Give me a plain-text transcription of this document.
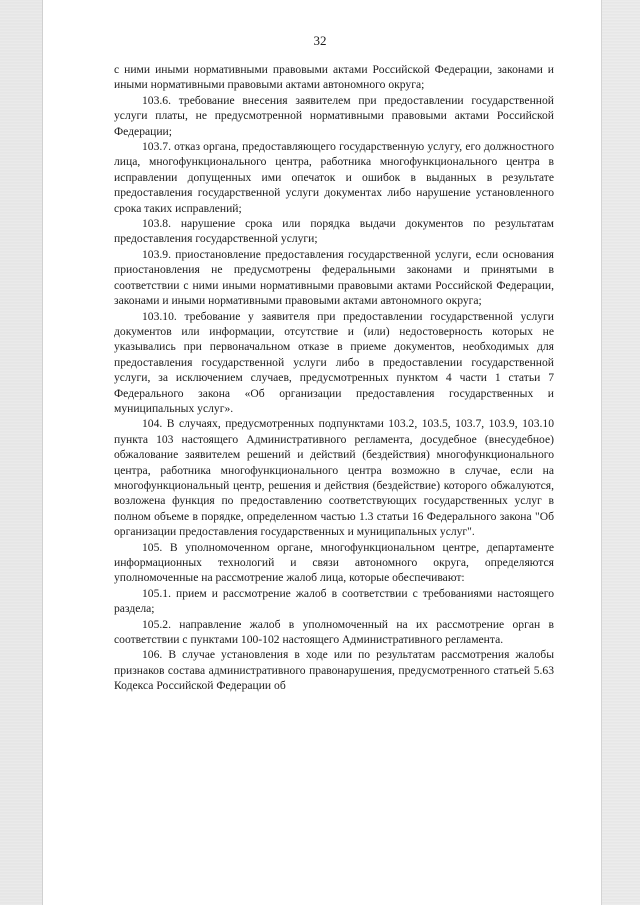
32

с ними иными нормативными правовыми актами Российской Федерации, законами и иными нормативными правовыми актами автономного округа;

103.6. требование внесения заявителем при предоставлении государственной услуги платы, не предусмотренной нормативными правовыми актами Российской Федерации;

103.7. отказ органа, предоставляющего государственную услугу, его должностного лица, многофункционального центра, работника многофункционального центра в исправлении допущенных ими опечаток и ошибок в выданных в результате предоставления государственной услуги документах либо нарушение установленного срока таких исправлений;

103.8. нарушение срока или порядка выдачи документов по результатам предоставления государственной услуги;

103.9. приостановление предоставления государственной услуги, если основания приостановления не предусмотрены федеральными законами и принятыми в соответствии с ними иными нормативными правовыми актами Российской Федерации, законами и иными нормативными правовыми актами автономного округа;

103.10. требование у заявителя при предоставлении государственной услуги документов или информации, отсутствие и (или) недостоверность которых не указывались при первоначальном отказе в приеме документов, необходимых для предоставления государственной услуги либо в предоставлении государственной услуги, за исключением случаев, предусмотренных пунктом 4 части 1 статьи 7 Федерального закона «Об организации предоставления государственных и муниципальных услуг».

104. В случаях, предусмотренных подпунктами 103.2, 103.5, 103.7, 103.9, 103.10 пункта 103 настоящего Административного регламента, досудебное (внесудебное) обжалование заявителем решений и действий (бездействия) многофункционального центра, работника многофункционального центра возможно в случае, если на многофункциональный центр, решения и действия (бездействие) которого обжалуются, возложена функция по предоставлению соответствующих государственных услуг в полном объеме в порядке, определенном частью 1.3 статьи 16 Федерального закона "Об организации предоставления государственных и муниципальных услуг".

105. В уполномоченном органе, многофункциональном центре, департаменте информационных технологий и связи автономного округа, определяются уполномоченные на рассмотрение жалоб лица, которые обеспечивают:

105.1. прием и рассмотрение жалоб в соответствии с требованиями настоящего раздела;

105.2. направление жалоб в уполномоченный на их рассмотрение орган в соответствии с пунктами 100-102 настоящего Административного регламента.

106. В случае установления в ходе или по результатам рассмотрения жалобы признаков состава административного правонарушения, предусмотренного статьей 5.63 Кодекса Российской Федерации об
